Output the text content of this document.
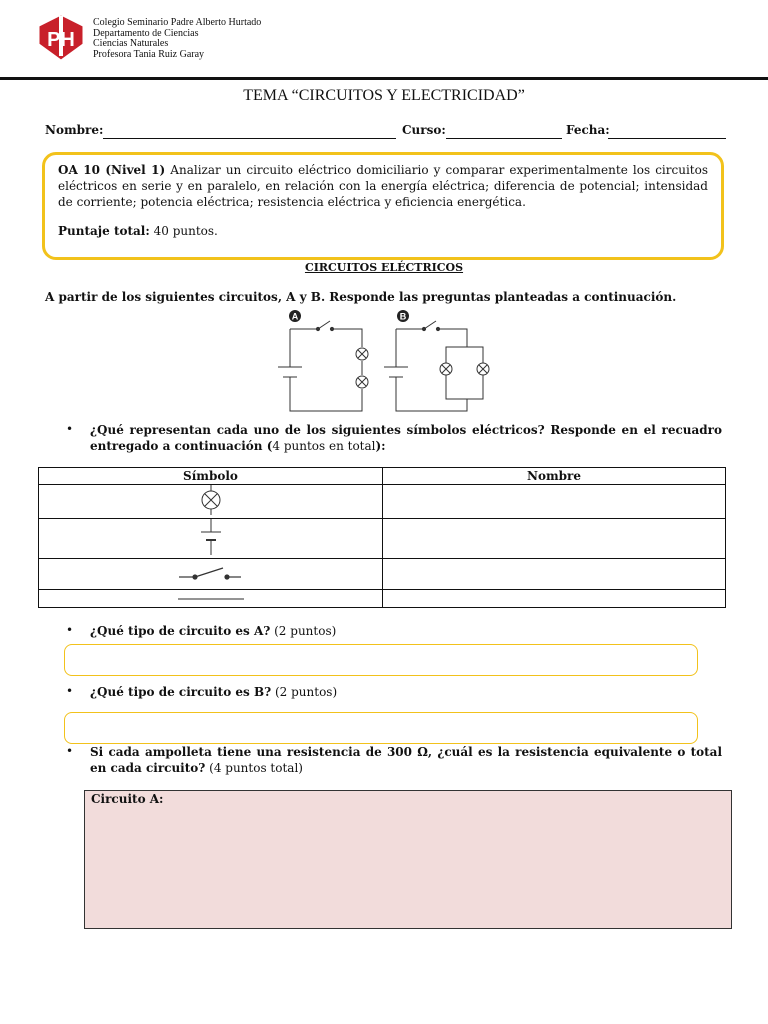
PH
Colegio Seminario Padre Alberto Hurtado
Departamento de Ciencias
Ciencias Naturales
Profesora Tania Ruiz Garay
TEMA “CIRCUITOS Y ELECTRICIDAD”
Nombre:	Curso:	Fecha:
OA 10 (Nivel 1) Analizar un circuito eléctrico domiciliario y comparar experimentalmente los circuitos eléctricos en serie y en paralelo, en relación con la energía eléctrica; diferencia de potencial; intensidad de corriente; potencia eléctrica; resistencia eléctrica y eficiencia energética.
Puntaje total: 40 puntos.
CIRCUITOS ELÉCTRICOS
A partir de los siguientes circuitos, A y B. Responde las preguntas planteadas a continuación.
A	B
• ¿Qué representan cada uno de los siguientes símbolos eléctricos? Responde en el recuadro entregado a continuación (4 puntos en total):
Símbolo	Nombre

• ¿Qué tipo de circuito es A? (2 puntos)
• ¿Qué tipo de circuito es B? (2 puntos)
• Si cada ampolleta tiene una resistencia de 300 Ω, ¿cuál es la resistencia equivalente o total en cada circuito? (4 puntos total)
Circuito A:
